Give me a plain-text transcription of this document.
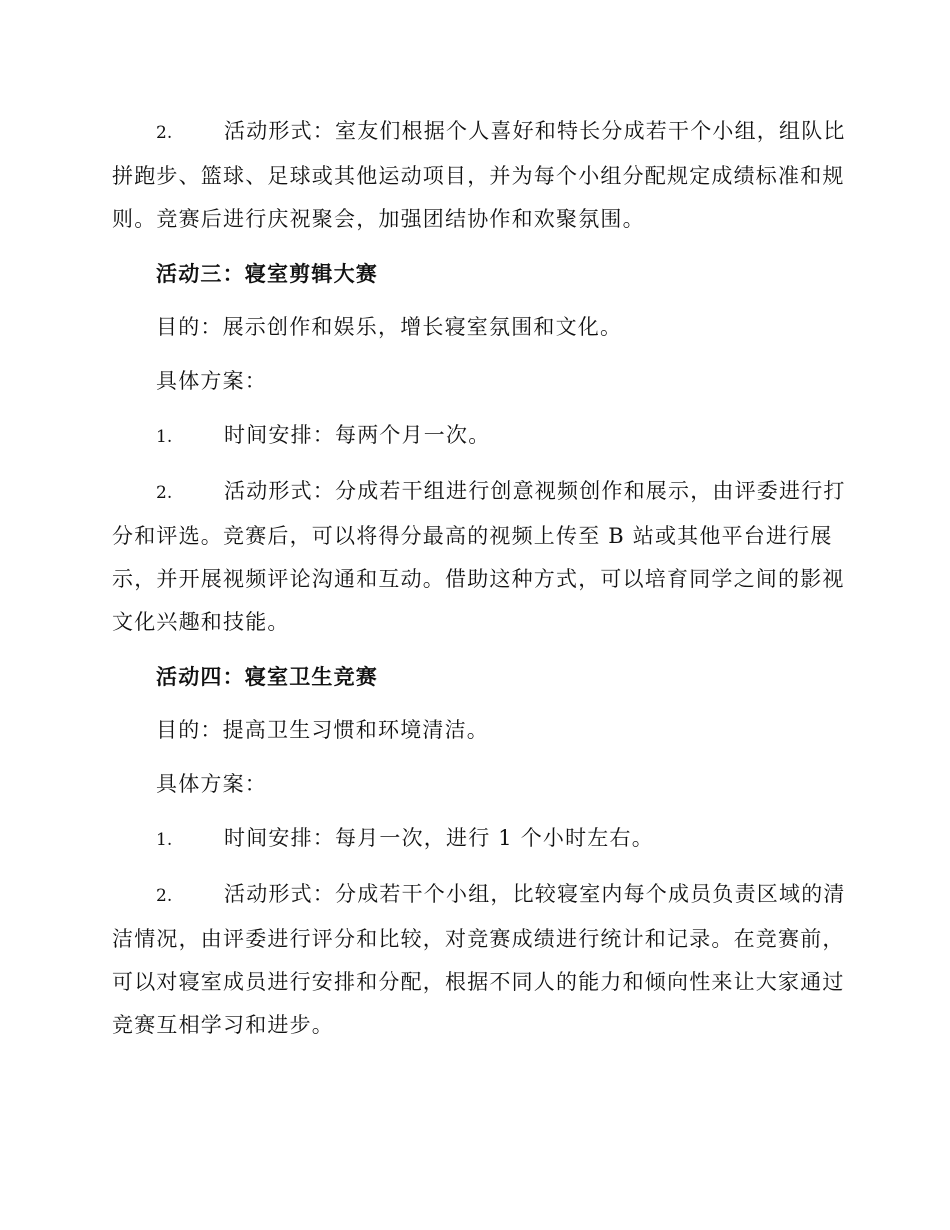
2. 活动形式：室友们根据个人喜好和特长分成若干个小组，组队比

拼跑步、篮球、足球或其他运动项目，并为每个小组分配规定成绩标准和规

则。竞赛后进行庆祝聚会，加强团结协作和欢聚氛围。

活动三：寝室剪辑大赛

目的：展示创作和娱乐，增长寝室氛围和文化。

具体方案：

1. 时间安排：每两个月一次。

2. 活动形式：分成若干组进行创意视频创作和展示，由评委进行打

分和评选。竞赛后，可以将得分最高的视频上传至 B 站或其他平台进行展

示，并开展视频评论沟通和互动。借助这种方式，可以培育同学之间的影视

文化兴趣和技能。

活动四：寝室卫生竞赛

目的：提高卫生习惯和环境清洁。

具体方案：

1. 时间安排：每月一次，进行 1 个小时左右。

2. 活动形式：分成若干个小组，比较寝室内每个成员负责区域的清

洁情况，由评委进行评分和比较，对竞赛成绩进行统计和记录。在竞赛前，

可以对寝室成员进行安排和分配，根据不同人的能力和倾向性来让大家通过

竞赛互相学习和进步。
